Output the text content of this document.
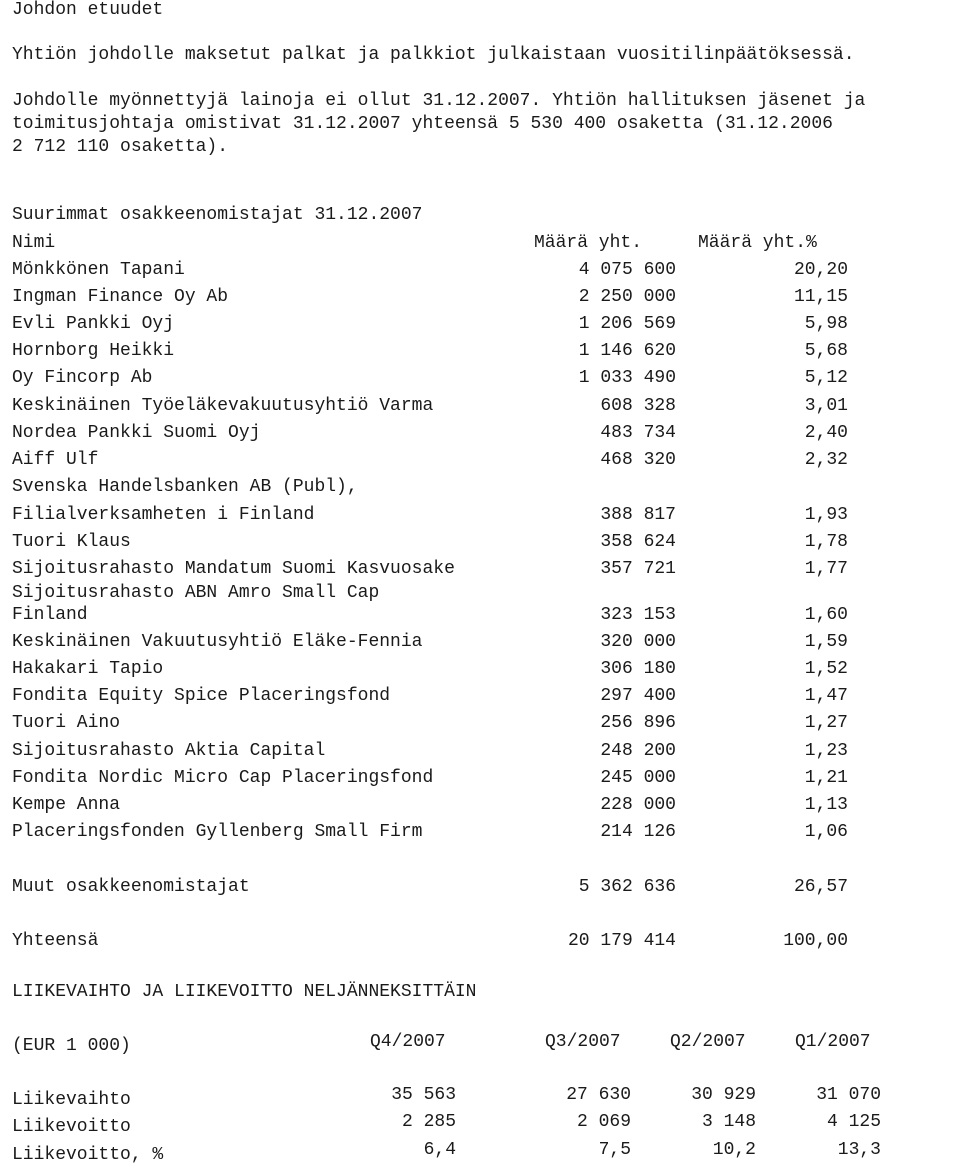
Johdon etuudet
Yhtiön johdolle maksetut palkat ja palkkiot julkaistaan vuositilinpäätöksessä.
Johdolle myönnettyjä lainoja ei ollut 31.12.2007. Yhtiön hallituksen jäsenet ja
toimitusjohtaja omistivat 31.12.2007 yhteensä 5 530 400 osaketta (31.12.2006
2 712 110 osaketta).
Suurimmat osakkeenomistajat 31.12.2007
Nimi	Määrä yht.	Määrä yht.%
Mönkkönen Tapani	4 075 600	20,20
Ingman Finance Oy Ab	2 250 000	11,15
Evli Pankki Oyj	1 206 569	5,98
Hornborg Heikki	1 146 620	5,68
Oy Fincorp Ab	1 033 490	5,12
Keskinäinen Työeläkevakuutusyhtiö Varma	608 328	3,01
Nordea Pankki Suomi Oyj	483 734	2,40
Aiff Ulf	468 320	2,32
Svenska Handelsbanken AB (Publ),
Filialverksamheten i Finland	388 817	1,93
Tuori Klaus	358 624	1,78
Sijoitusrahasto Mandatum Suomi Kasvuosake	357 721	1,77
Sijoitusrahasto ABN Amro Small Cap
Finland	323 153	1,60
Keskinäinen Vakuutusyhtiö Eläke-Fennia	320 000	1,59
Hakakari Tapio	306 180	1,52
Fondita Equity Spice Placeringsfond	297 400	1,47
Tuori Aino	256 896	1,27
Sijoitusrahasto Aktia Capital	248 200	1,23
Fondita Nordic Micro Cap Placeringsfond	245 000	1,21
Kempe Anna	228 000	1,13
Placeringsfonden Gyllenberg Small Firm	214 126	1,06
Muut osakkeenomistajat	5 362 636	26,57
Yhteensä	20 179 414	100,00
LIIKEVAIHTO JA LIIKEVOITTO NELJÄNNEKSITTÄIN
(EUR 1 000)	Q4/2007	Q3/2007	Q2/2007	Q1/2007
Liikevaihto	35 563	27 630	30 929	31 070
Liikevoitto	2 285	2 069	3 148	4 125
Liikevoitto, %	6,4	7,5	10,2	13,3
